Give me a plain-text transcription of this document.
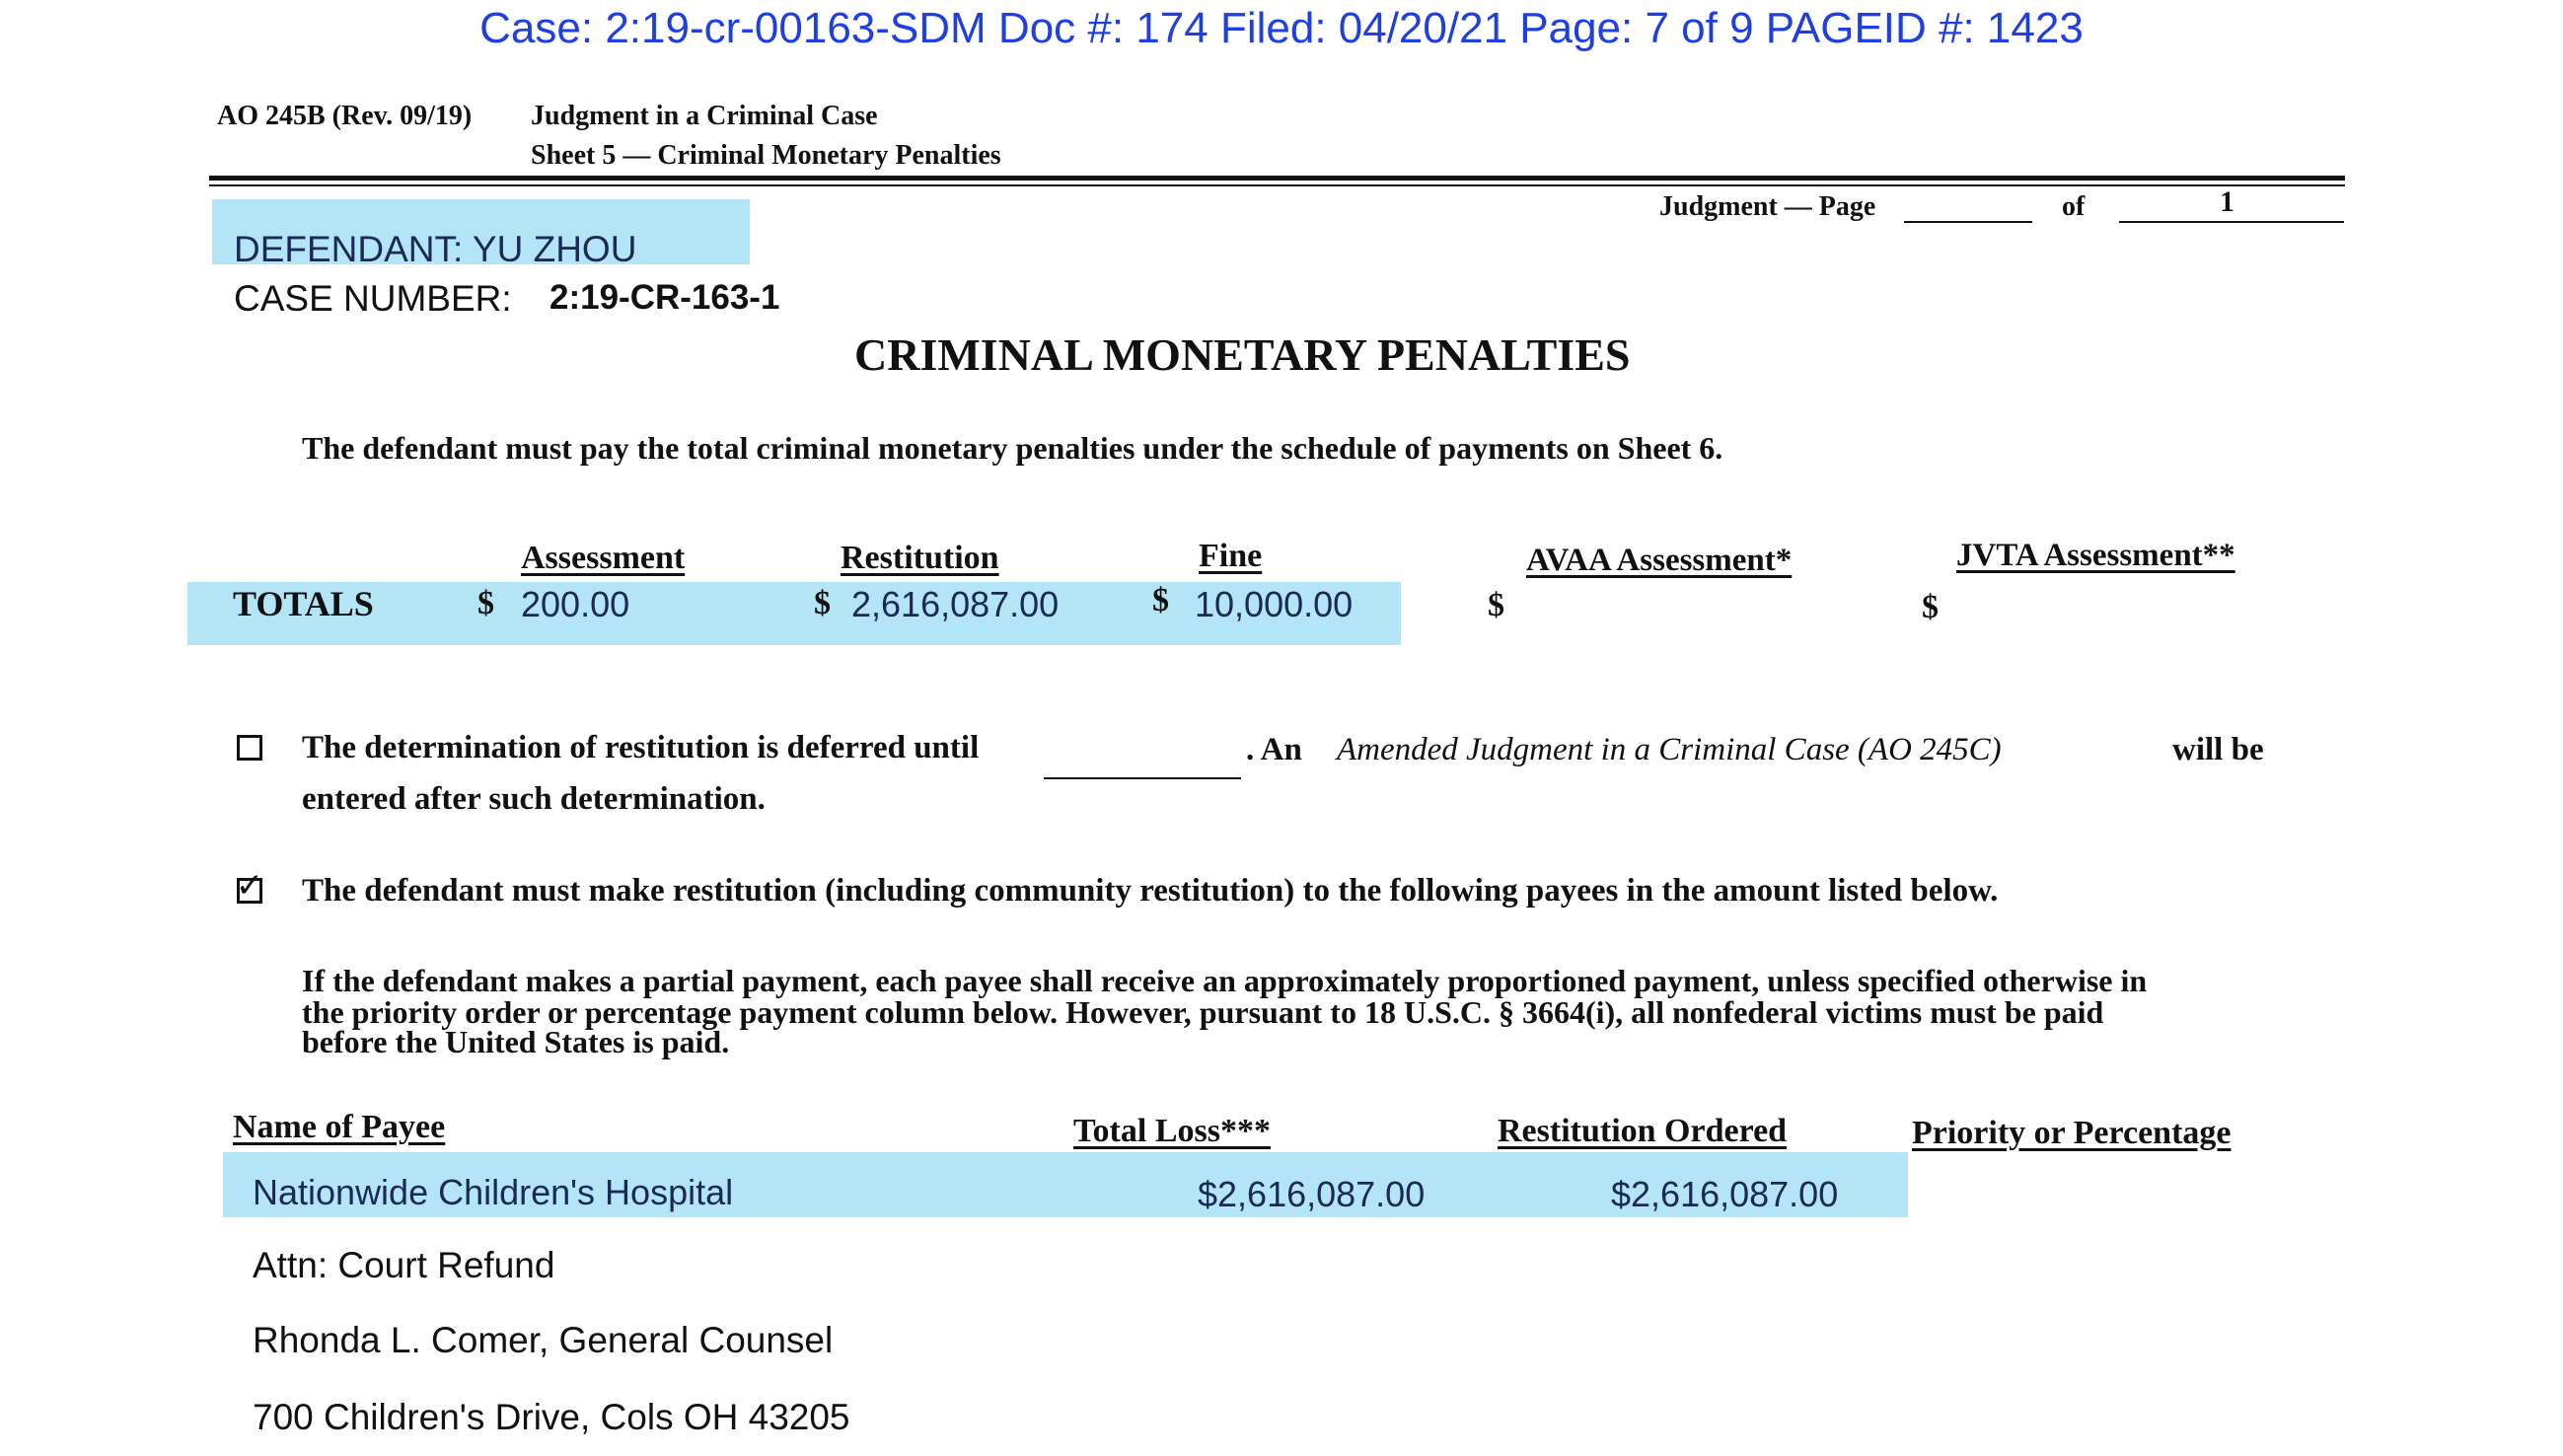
Case: 2:19-cr-00163-SDM Doc #: 174 Filed: 04/20/21 Page: 7 of 9 PAGEID #: 1423
AO 245B (Rev. 09/19) Judgment in a Criminal Case
Sheet 5 — Criminal Monetary Penalties
Judgment — Page	of	1
DEFENDANT: YU ZHOU
CASE NUMBER: 2:19-CR-163-1
CRIMINAL MONETARY PENALTIES
The defendant must pay the total criminal monetary penalties under the schedule of payments on Sheet 6.
Assessment	Restitution	Fine	AVAA Assessment*	JVTA Assessment**
TOTALS	$ 200.00	$ 2,616,087.00	$ 10,000.00	$	$
The determination of restitution is deferred until	. An Amended Judgment in a Criminal Case (AO 245C)	will be
entered after such determination.
✓ The defendant must make restitution (including community restitution) to the following payees in the amount listed below.
If the defendant makes a partial payment, each payee shall receive an approximately proportioned payment, unless specified otherwise in
the priority order or percentage payment column below. However, pursuant to 18 U.S.C. § 3664(i), all nonfederal victims must be paid
before the United States is paid.
Name of Payee	Total Loss***	Restitution Ordered	Priority or Percentage
Nationwide Children's Hospital	$2,616,087.00	$2,616,087.00
Attn: Court Refund
Rhonda L. Comer, General Counsel
700 Children's Drive, Cols OH 43205
